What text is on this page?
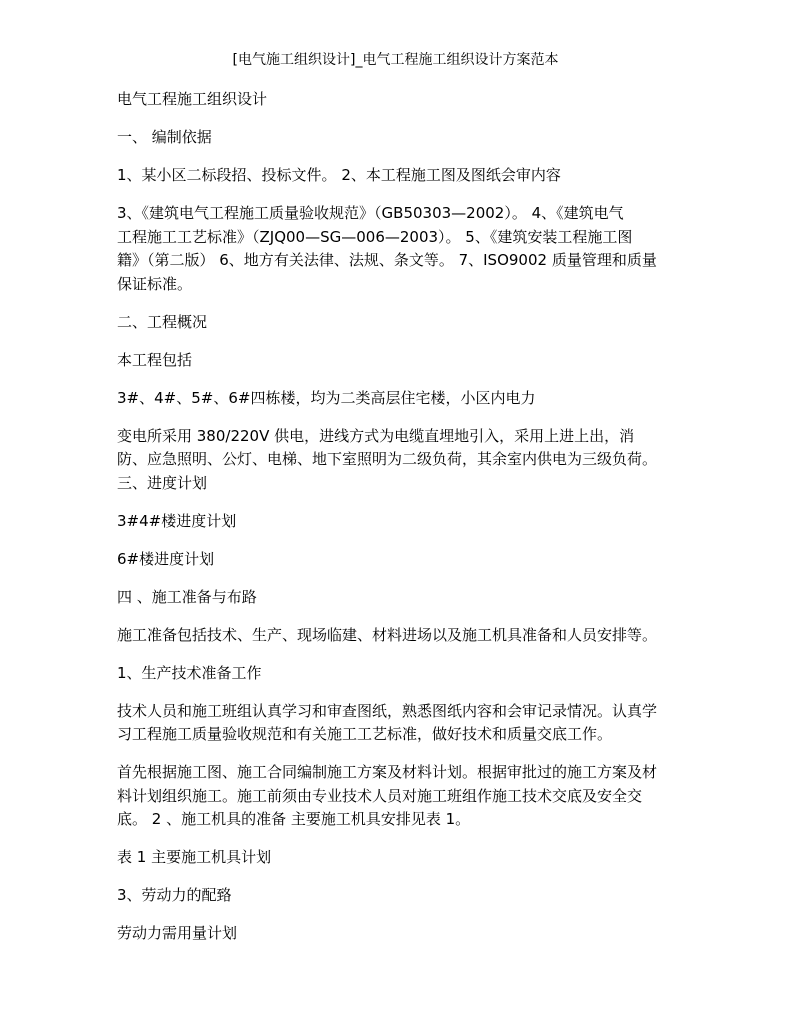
[电气施工组织设计]_电气工程施工组织设计方案范本

电气工程施工组织设计

一、 编制依据

1、某小区二标段招、投标文件。 2、本工程施工图及图纸会审内容

3、《建筑电气工程施工质量验收规范》（GB50303—2002）。 4、《建筑电气
工程施工工艺标准》（ZJQ00—SG—006—2003）。 5、《建筑安装工程施工图
籍》（第二版） 6、地方有关法律、法规、条文等。 7、ISO9002 质量管理和质量
保证标准。

二、工程概况

本工程包括

3#、4#、5#、6#四栋楼，均为二类高层住宅楼，小区内电力

变电所采用 380/220V 供电，进线方式为电缆直埋地引入，采用上进上出，消
防、应急照明、公灯、电梯、地下室照明为二级负荷，其余室内供电为三级负荷。

三、进度计划

3#4#楼进度计划

6#楼进度计划

四 、施工准备与布路

施工准备包括技术、生产、现场临建、材料进场以及施工机具准备和人员安排等。

1、生产技术准备工作

技术人员和施工班组认真学习和审查图纸，熟悉图纸内容和会审记录情况。认真学
习工程施工质量验收规范和有关施工工艺标准，做好技术和质量交底工作。

首先根据施工图、施工合同编制施工方案及材料计划。根据审批过的施工方案及材
料计划组织施工。施工前须由专业技术人员对施工班组作施工技术交底及安全交
底。 2 、施工机具的准备 主要施工机具安排见表 1。

表 1 主要施工机具计划

3、劳动力的配臵

劳动力需用量计划
